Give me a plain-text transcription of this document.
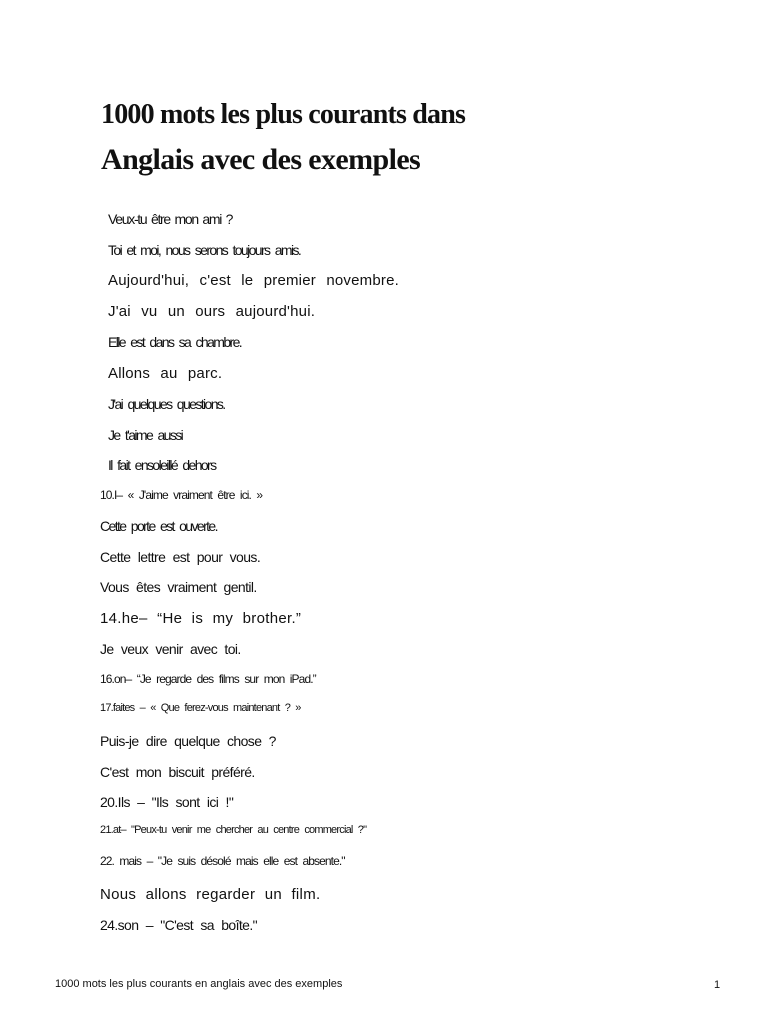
1000 mots les plus courants dans
Anglais avec des exemples
Veux-tu être mon ami ?
Toi et moi, nous serons toujours amis.
Aujourd'hui, c'est le premier novembre.
J'ai vu un ours aujourd'hui.
Elle est dans sa chambre.
Allons au parc.
J'ai quelques questions.
Je t'aime aussi
Il fait ensoleillé dehors
10.I– « J'aime vraiment être ici. »
Cette porte est ouverte.
Cette lettre est pour vous.
Vous êtes vraiment gentil.
14.he– “He is my brother.”
Je veux venir avec toi.
16.on– “Je regarde des films sur mon iPad.”
17.faites – « Que ferez-vous maintenant ? »
Puis-je dire quelque chose ?
C'est mon biscuit préféré.
20.Ils – "Ils sont ici !"
21.at– "Peux-tu venir me chercher au centre commercial ?"
22. mais – "Je suis désolé mais elle est absente."
Nous allons regarder un film.
24.son – "C'est sa boîte."
1000 mots les plus courants en anglais avec des exemples	1
